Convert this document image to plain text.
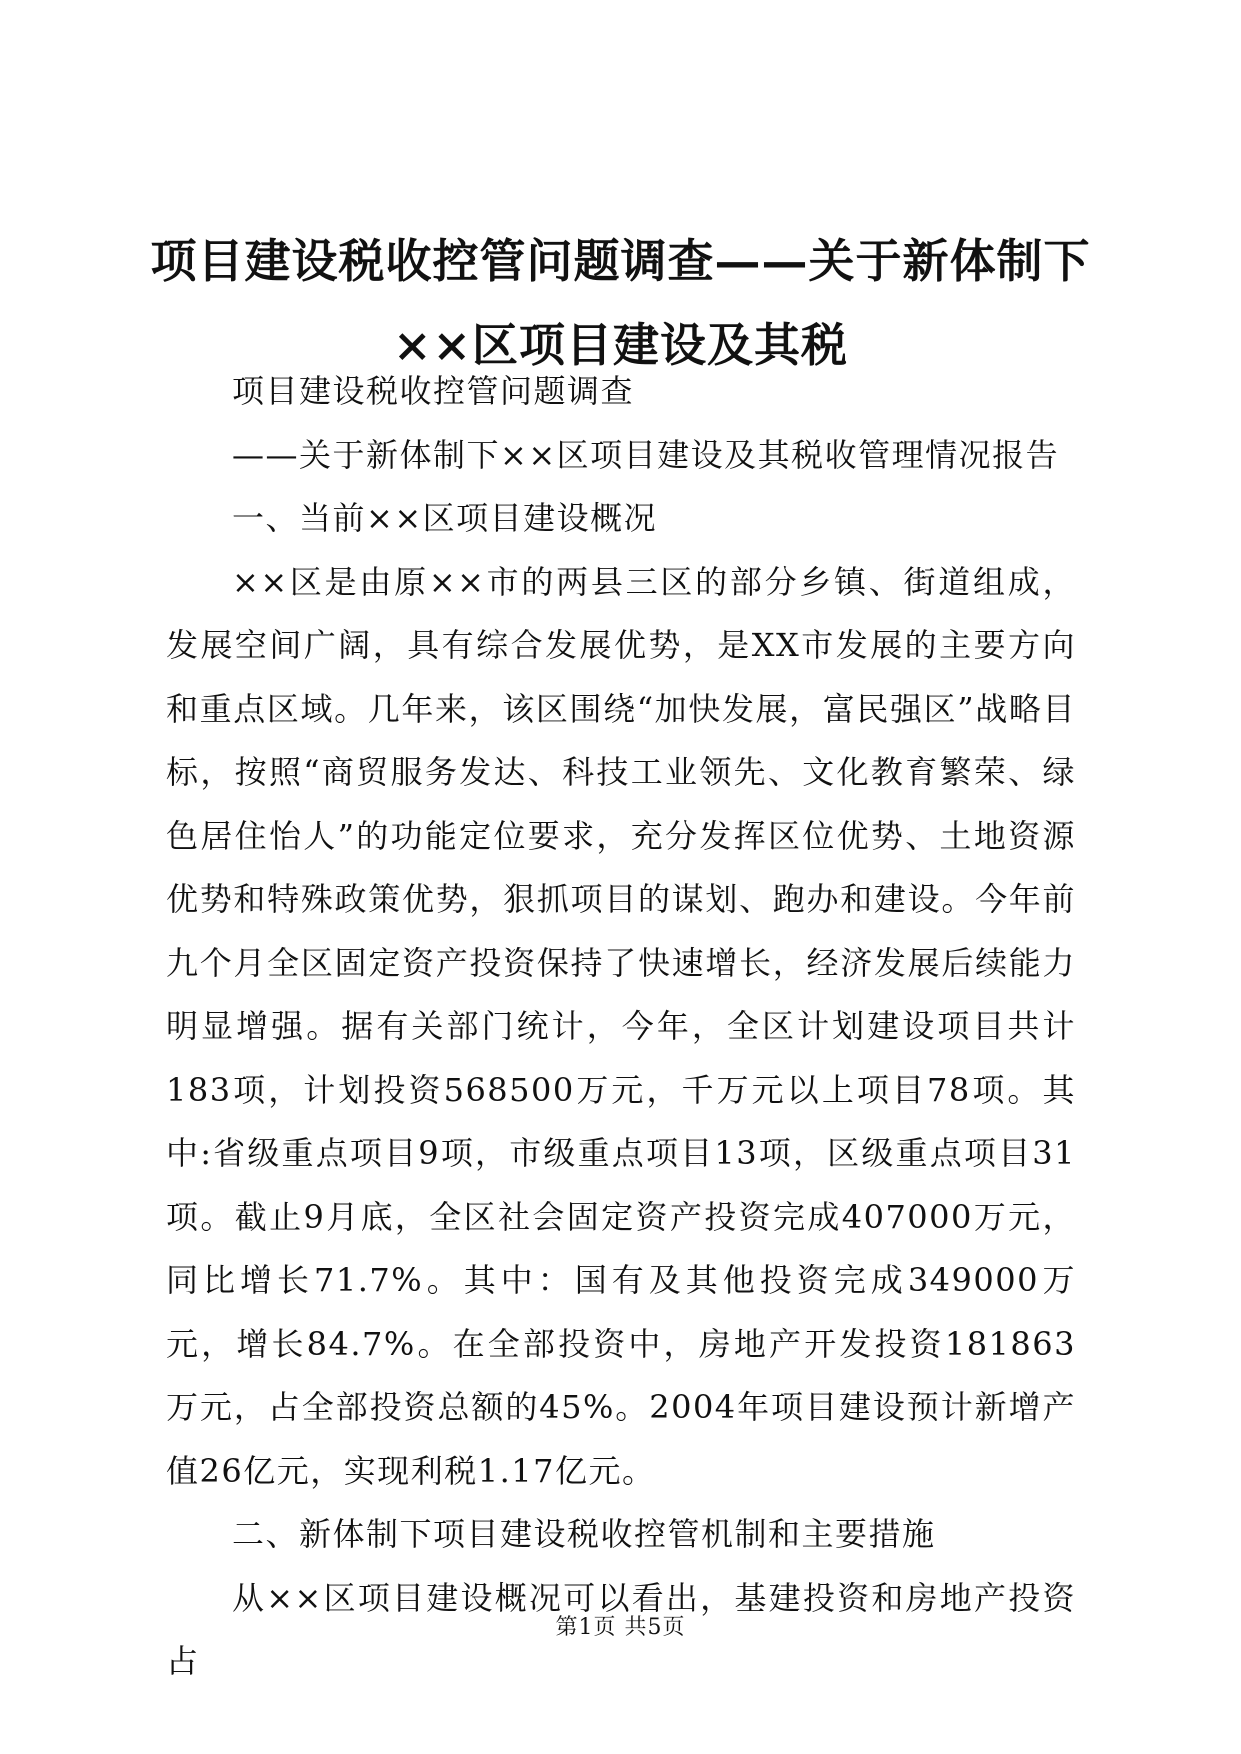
项目建设税收控管问题调查——关于新体制下
××区项目建设及其税

项目建设税收控管问题调查

——关于新体制下××区项目建设及其税收管理情况报告

一、当前××区项目建设概况

××区是由原××市的两县三区的部分乡镇、街道组成，发展空间广阔，具有综合发展优势，是XX市发展的主要方向和重点区域。几年来，该区围绕“加快发展，富民强区”战略目标，按照“商贸服务发达、科技工业领先、文化教育繁荣、绿色居住怡人”的功能定位要求，充分发挥区位优势、土地资源优势和特殊政策优势，狠抓项目的谋划、跑办和建设。今年前九个月全区固定资产投资保持了快速增长，经济发展后续能力明显增强。据有关部门统计，今年，全区计划建设项目共计183项，计划投资568500万元，千万元以上项目78项。其中:省级重点项目9项，市级重点项目13项，区级重点项目31项。截止9月底，全区社会固定资产投资完成407000万元，同比增长71.7%。其中：国有及其他投资完成349000万元，增长84.7%。在全部投资中，房地产开发投资181863万元，占全部投资总额的45%。2004年项目建设预计新增产值26亿元，实现利税1.17亿元。

二、新体制下项目建设税收控管机制和主要措施

从××区项目建设概况可以看出，基建投资和房地产投资占

第1页 共5页
